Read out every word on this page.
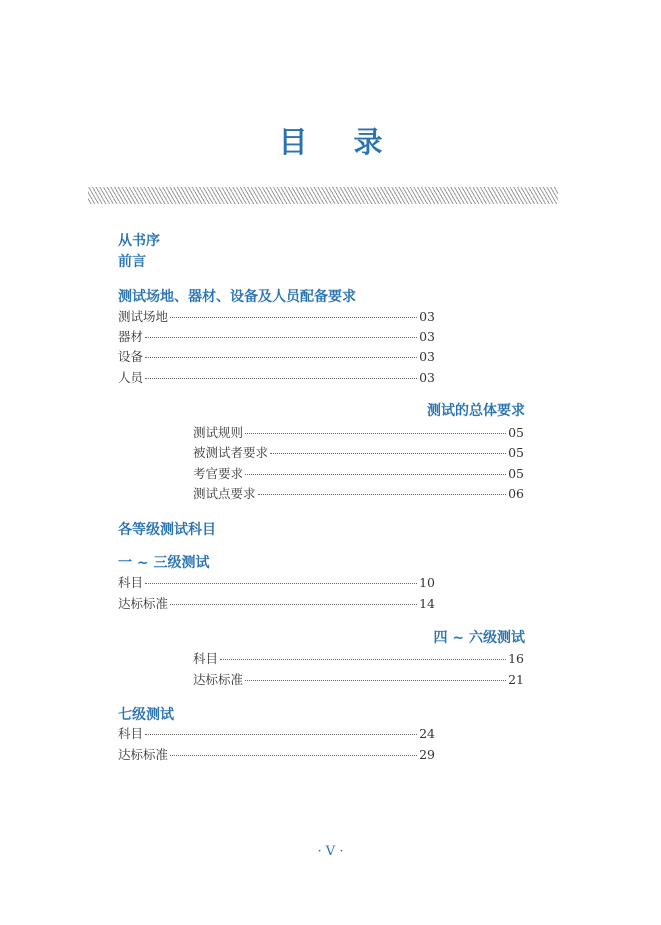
目 录
从书序
前言
测试场地、器材、设备及人员配备要求
测试场地	03
器材	03
设备	03
人员	03
测试的总体要求
测试规则	05
被测试者要求	05
考官要求	05
测试点要求	06
各等级测试科目
一 ~ 三级测试
科目	10
达标标准	14
四 ~ 六级测试
科目	16
达标标准	21
七级测试
科目	24
达标标准	29
· V ·
